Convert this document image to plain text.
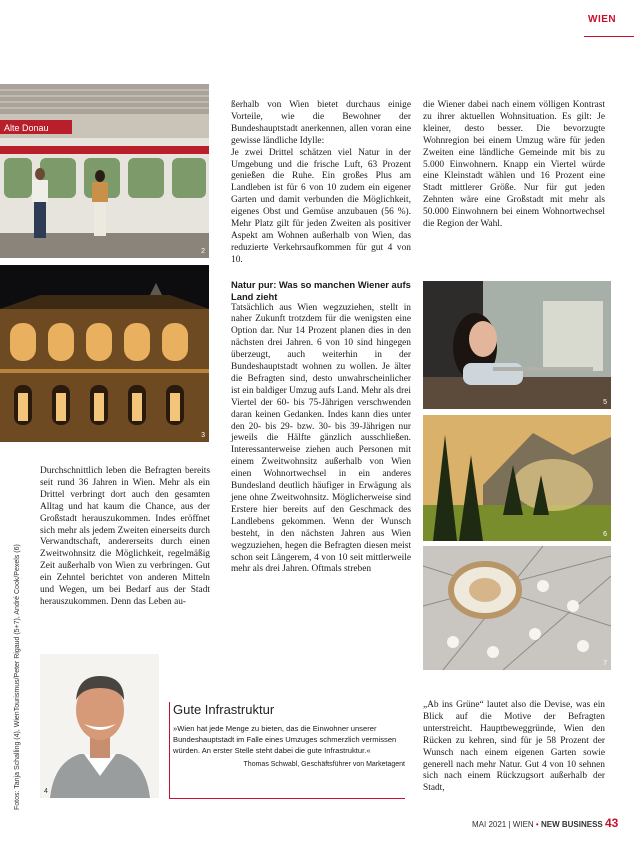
WIEN
Alte Donau
2
3

Durchschnittlich leben die Befragten bereits seit rund 36 Jahren in Wien. Mehr als ein Drittel verbringt dort auch den gesamten Alltag und hat kaum die Chance, aus der Großstadt herauszukommen. Indes eröffnet sich mehr als jedem Zweiten einerseits durch Verwandtschaft, andererseits durch einen Zweitwohnsitz die Möglichkeit, regelmäßig Zeit außerhalb von Wien zu verbringen. Gut ein Zehntel berichtet von anderen Mitteln und Wegen, um bei Bedarf aus der Stadt herauszukommen. Denn das Leben au-

Fotos: Tanja Schalling (4), WienTourismus/Peter Rigaud (5+7), André Cook/Pexels (6)	4

ßerhalb von Wien bietet durchaus einige Vorteile, wie die Bewohner der Bundeshauptstadt anerkennen, allen voran eine gewisse ländliche Idylle:

Je zwei Drittel schätzen viel Natur in der Umgebung und die frische Luft, 63 Prozent genießen die Ruhe. Ein großes Plus am Landleben ist für 6 von 10 zudem ein eigener Garten und damit verbunden die Möglichkeit, eigenes Obst und Gemüse anzubauen (56 %). Mehr Platz gilt für jeden Zweiten als positiver Aspekt am Wohnen außerhalb von Wien, das reduzierte Verkehrsaufkommen für gut 4 von 10.

Natur pur: Was so manchen Wiener aufs Land zieht

Tatsächlich aus Wien wegzuziehen, stellt in naher Zukunft trotzdem für die wenigsten eine Option dar. Nur 14 Prozent planen dies in den nächsten drei Jahren. 6 von 10 sind hingegen überzeugt, auch weiterhin in der Bundeshauptstadt wohnen zu wollen. Je älter die Befragten sind, desto unwahrscheinlicher ist ein baldiger Umzug aufs Land. Mehr als drei Viertel der 60- bis 75-Jährigen verschwenden daran keinen Gedanken. Indes kann dies unter den 20- bis 29- bzw. 30- bis 39-Jährigen nur jeweils die Hälfte gänzlich ausschließen. Interessanterweise ziehen auch Personen mit einem Zweitwohnsitz außerhalb von Wien einen Wohnortwechsel in ein anderes Bundesland deutlich häufiger in Erwägung als jene ohne Zweitwohnsitz. Möglicherweise sind Erstere hier bereits auf den Geschmack des Landlebens gekommen. Wenn der Wunsch besteht, in den nächsten Jahren aus Wien wegzuziehen, hegen die Befragten diesen meist schon seit Längerem, 4 von 10 seit mittlerweile mehr als drei Jahren. Oftmals streben

Gute Infrastruktur
»Wien hat jede Menge zu bieten, das die Einwohner unserer Bundeshauptstadt im Falle eines Umzuges schmerzlich vermissen würden. An erster Stelle steht dabei die gute Infrastruktur.«
Thomas Schwabl, Geschäftsführer von Marketagent

die Wiener dabei nach einem völligen Kontrast zu ihrer aktuellen Wohnsituation. Es gilt: Je kleiner, desto besser. Die bevorzugte Wohnregion bei einem Umzug wäre für jeden Zweiten eine ländliche Gemeinde mit bis zu 5.000 Einwohnern. Knapp ein Viertel würde eine Kleinstadt wählen und 16 Prozent eine Stadt mittlerer Größe. Nur für gut jeden Zehnten wäre eine Großstadt mit mehr als 50.000 Einwohnern bei einem Wohnortwechsel die Region der Wahl.

5
6
7

„Ab ins Grüne“ lautet also die Devise, was ein Blick auf die Motive der Befragten unterstreicht. Hauptbeweggründe, Wien den Rücken zu kehren, sind für je 58 Prozent der Wunsch nach einem eigenen Garten sowie generell nach mehr Natur. Gut 4 von 10 sehnen sich nach einem Rückzugsort außerhalb der Stadt,

MAI 2021 | WIEN • NEW BUSINESS 43
